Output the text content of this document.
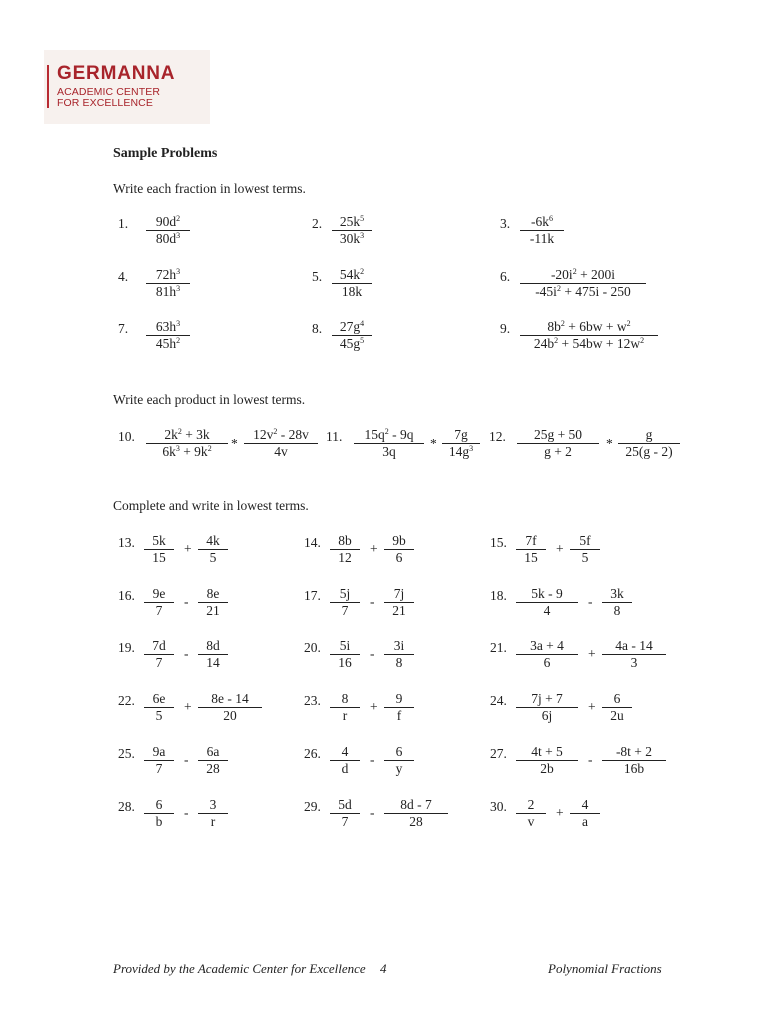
GERMANNA
ACADEMIC CENTER
FOR EXCELLENCE
Sample Problems
Write each fraction in lowest terms.
Write each product in lowest terms.
Complete and write in lowest terms.
1. $\frac{90d^2}{80d^3}$	2. $\frac{25k^5}{30k^3}$	3. $\frac{-6k^6}{-11k}$
4. $\frac{72h^3}{81h^3}$	5. $\frac{54k^2}{18k}$	6. $\frac{-20i^2 + 200i}{-45i^2 + 475i - 250}$
7. $\frac{63h^3}{45h^2}$	8. $\frac{27g^4}{45g^5}$	9. $\frac{8b^2 + 6bw + w^2}{24b^2 + 54bw + 12w^2}$
10. $\frac{2k^2 + 3k}{6k^3 + 9k^2} * \frac{12v^2 - 28v}{4v} 11$. $\frac{15q^2 - 9q}{3q} * \frac{7g}{14g^3} 12$. $\frac{25g + 50}{g + 2} * \frac{g}{25(g - 2)}$
13. $\frac{5k}{15} + \frac{4k}{5}$	14. $\frac{8b}{12} + \frac{9b}{6}$	15. $\frac{7f}{15} + \frac{5f}{5}$
16. $\frac{9e}{7} - \frac{8e}{21}$	17. $\frac{5j}{7} - \frac{7j}{21}$	18. $\frac{5k - 9}{4} - \frac{3k}{8}$
19. $\frac{7d}{7} - \frac{8d}{14}$	20. $\frac{5i}{16} - \frac{3i}{8}$	21. $\frac{3a + 4}{6} + \frac{4a - 14}{3}$
22. $\frac{6e}{5} + \frac{8e - 14}{20}$	23. $\frac{8}{r} + \frac{9}{f}$	24. $\frac{7j + 7}{6j} + \frac{6}{2u}$
25. $\frac{9a}{7} - \frac{6a}{28}$	26. $\frac{4}{d} - \frac{6}{y}$	27. $\frac{4t + 5}{2b} - \frac{-8t + 2}{16b}$
28. $\frac{6}{b} - \frac{3}{r}$	29. $\frac{5d}{7} - \frac{8d - 7}{28}$	30. $\frac{2}{v} + \frac{4}{a}$
Provided by the Academic Center for Excellence 4	Polynomial Fractions
